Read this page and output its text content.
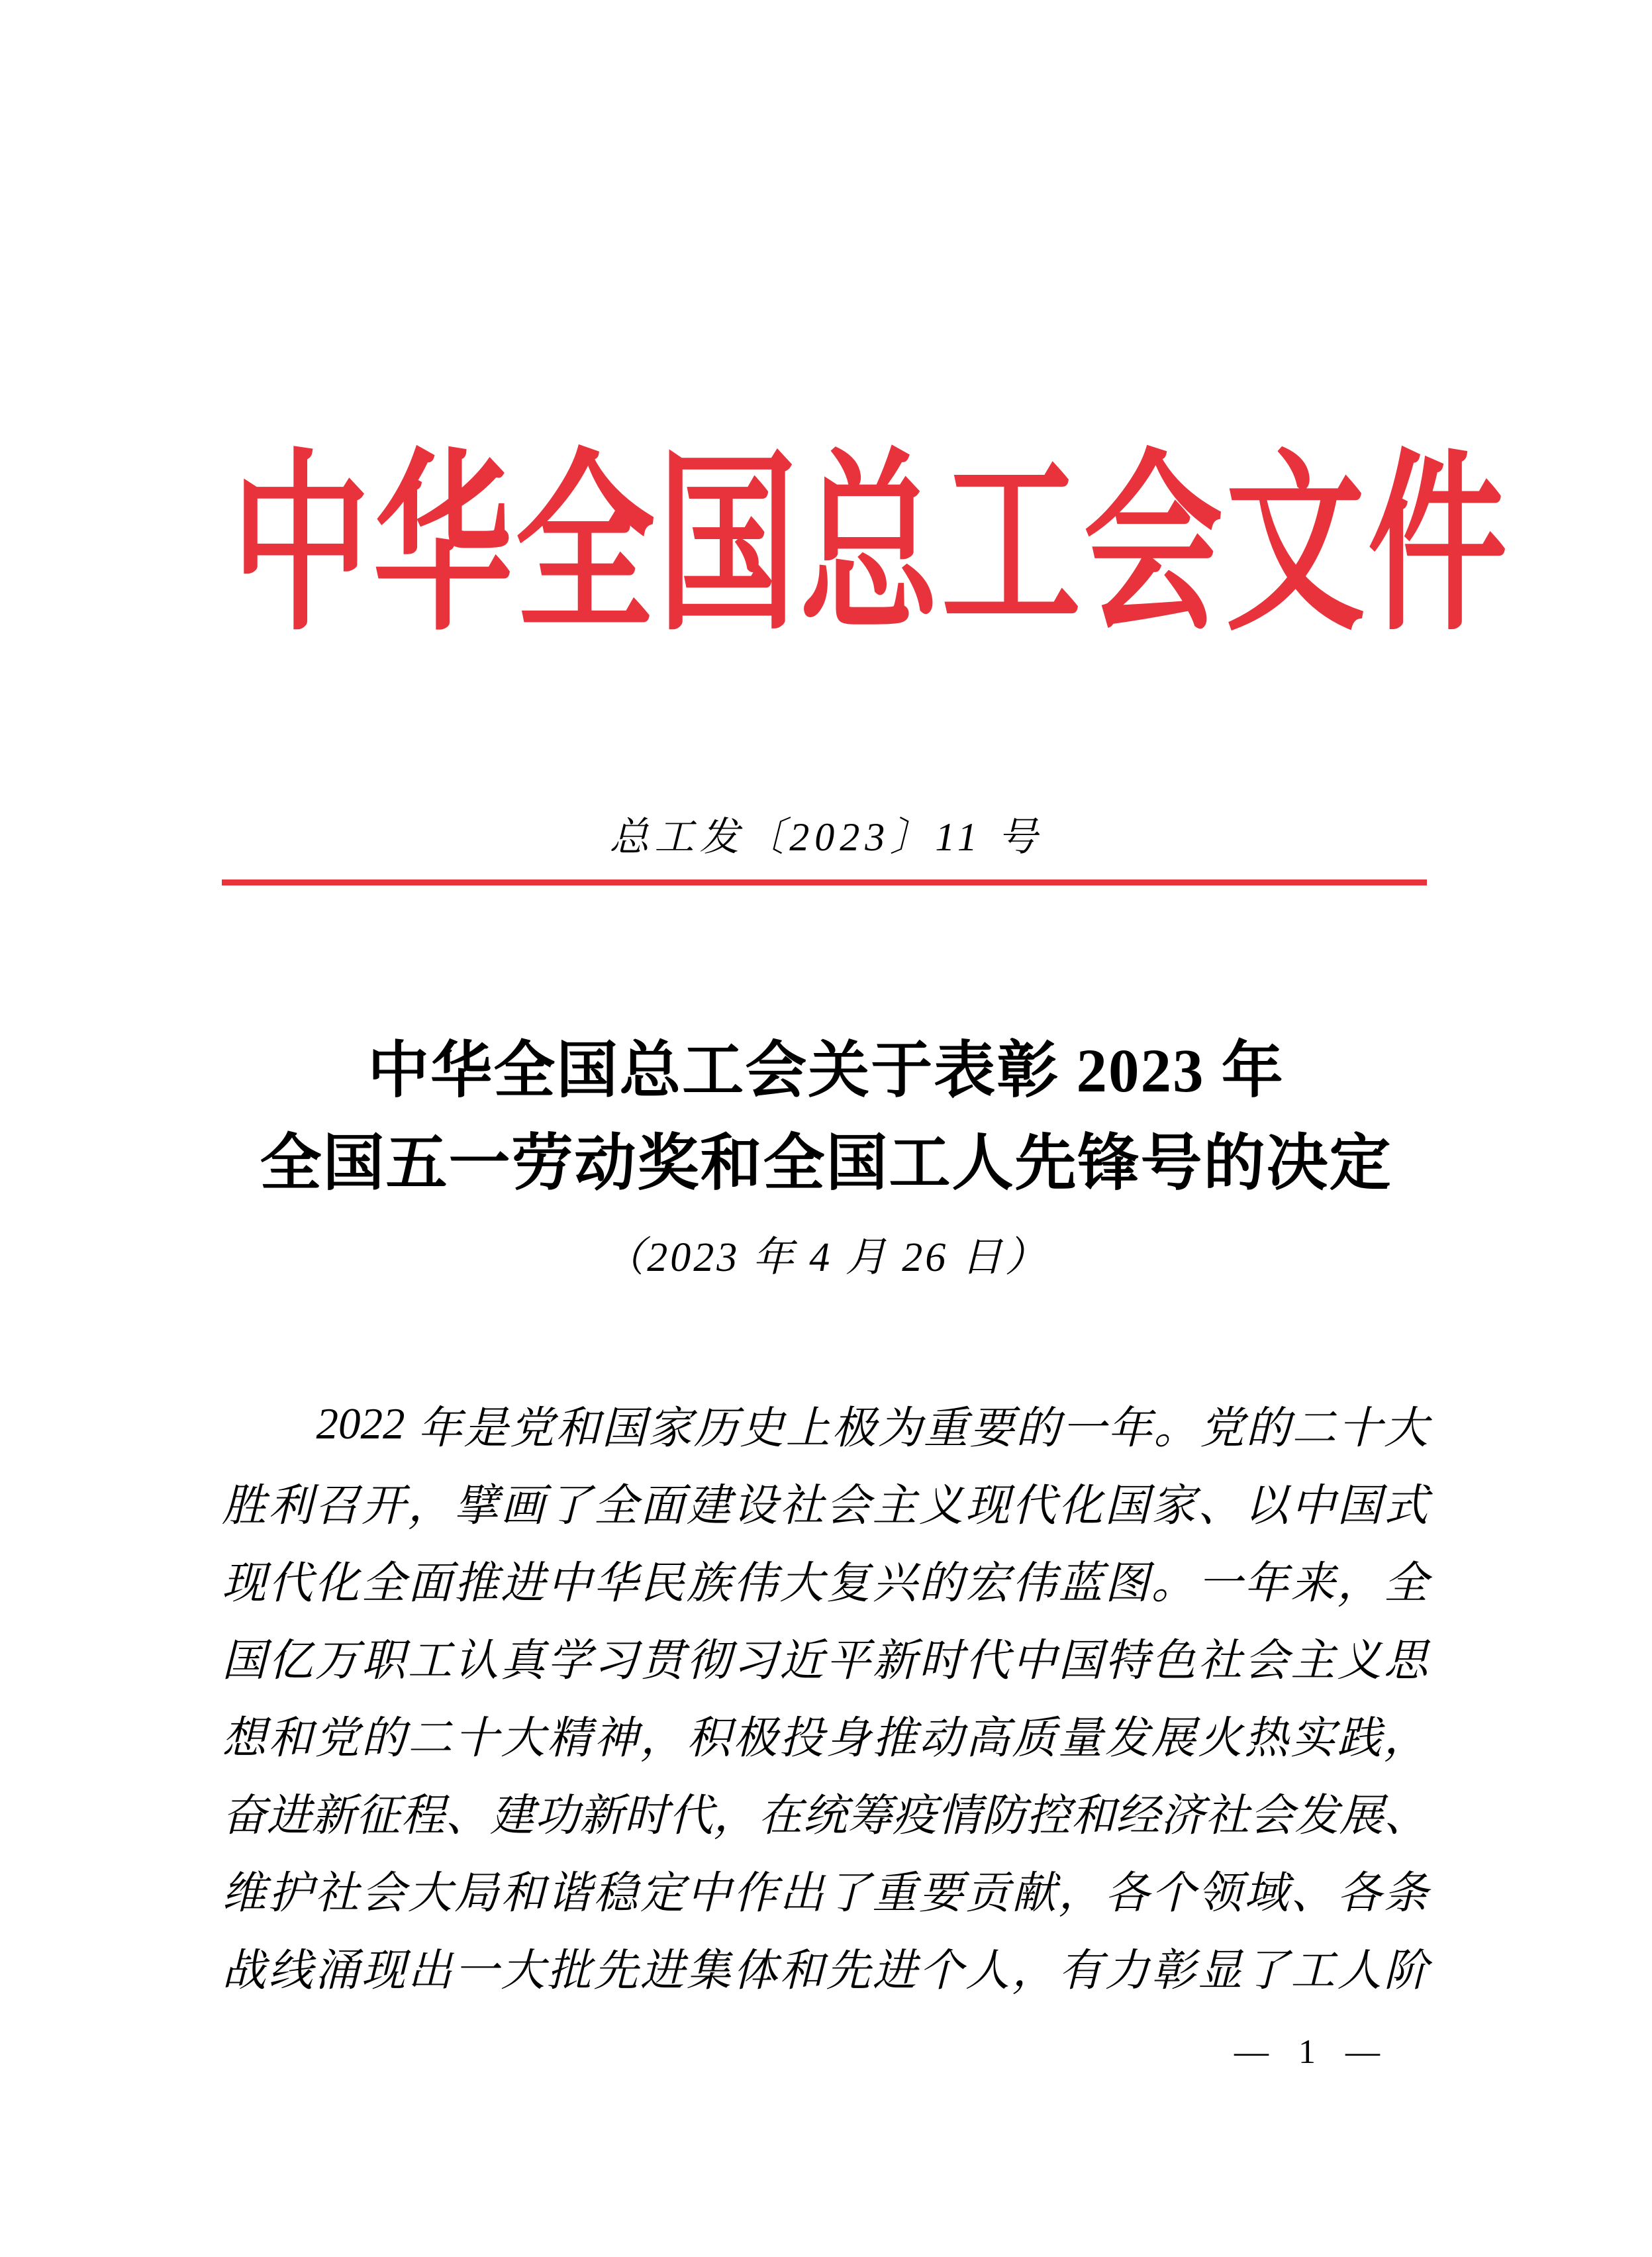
中华全国总工会文件
总工发〔2023〕11 号
中华全国总工会关于表彰 2023 年
全国五一劳动奖和全国工人先锋号的决定
（2023 年 4 月 26 日）
2022 年 是 党 和 国 家 历 史 上 极 为 重 要 的 一 年 。 党 的 二 十 大
胜 利 召 开 ， 擘 画 了 全 面 建 设 社 会 主 义 现 代 化 国 家 、 以 中 国 式
现 代 化 全 面 推 进 中 华 民 族 伟 大 复 兴 的 宏 伟 蓝 图 。 一 年 来 ， 全
国 亿 万 职 工 认 真 学 习 贯 彻 习 近 平 新 时 代 中 国 特 色 社 会 主 义 思
想 和 党 的 二 十 大 精 神 ， 积 极 投 身 推 动 高 质 量 发 展 火 热 实 践 ，
奋 进 新 征 程 、 建 功 新 时 代 ， 在 统 筹 疫 情 防 控 和 经 济 社 会 发 展 、
维 护 社 会 大 局 和 谐 稳 定 中 作 出 了 重 要 贡 献 ， 各 个 领 域 、 各 条
战 线 涌 现 出 一 大 批 先 进 集 体 和 先 进 个 人 ， 有 力 彰 显 了 工 人 阶
— 1 —
